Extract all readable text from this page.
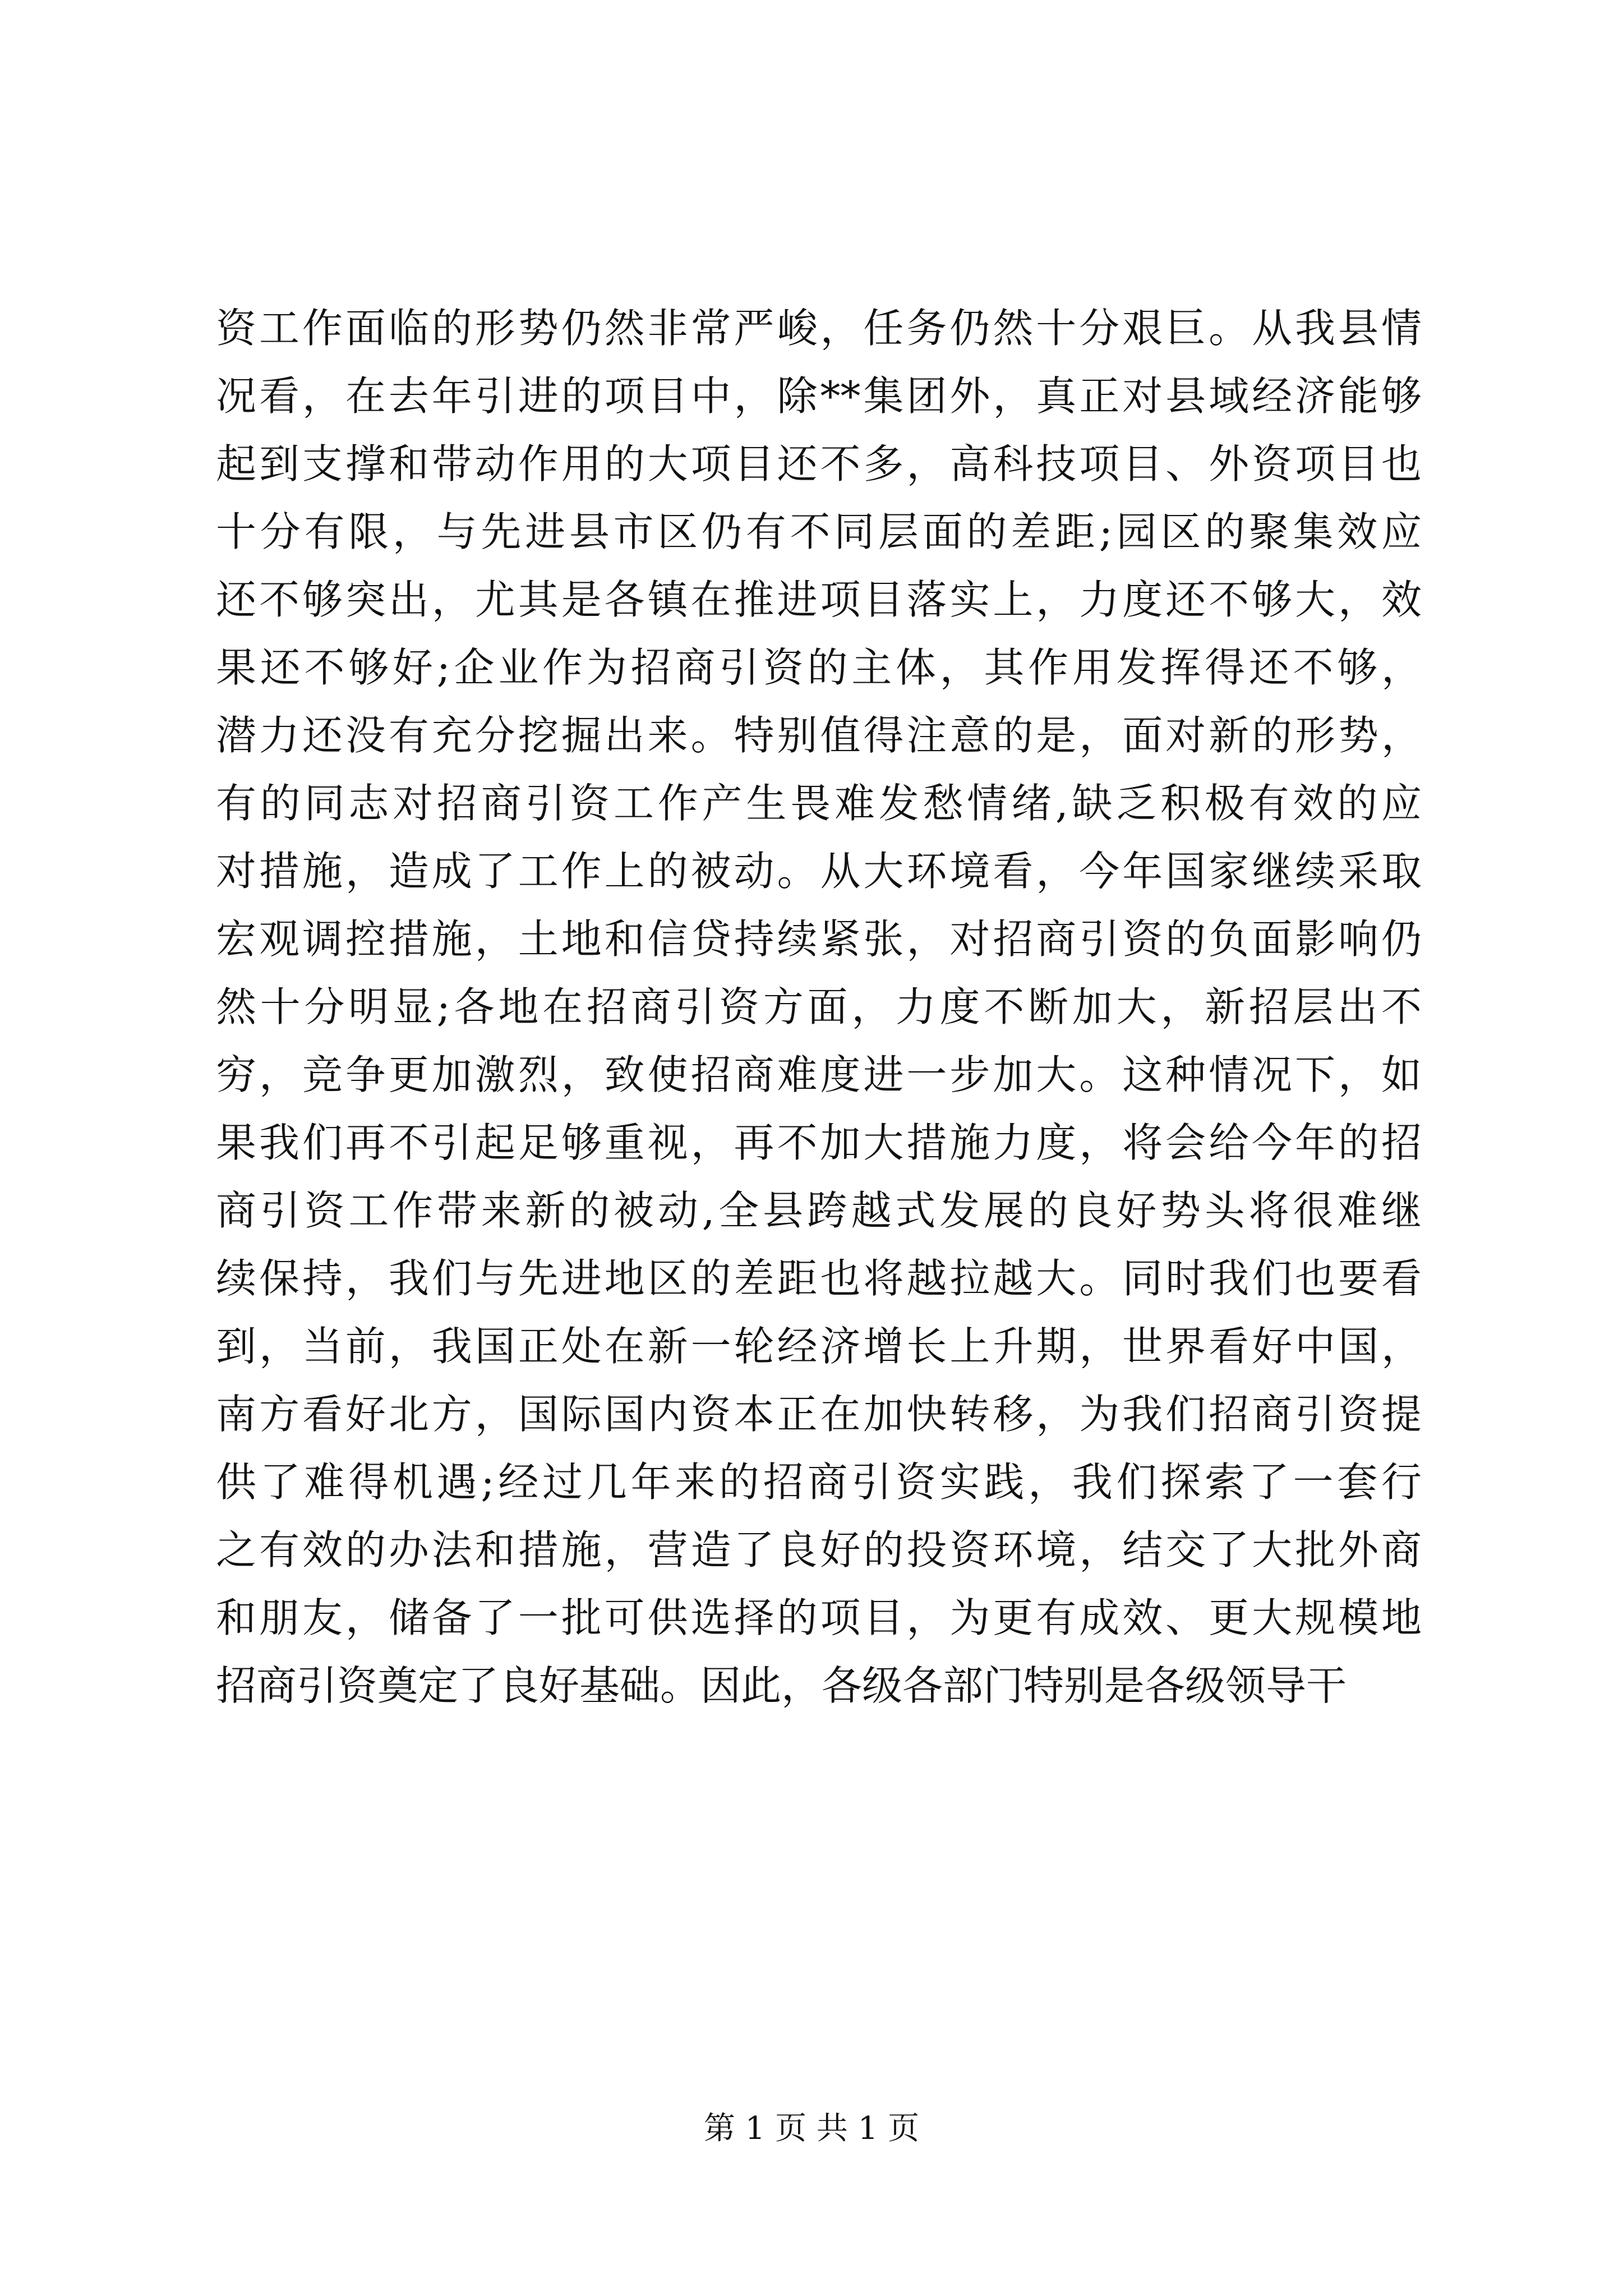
资工作面临的形势仍然非常严峻，任务仍然十分艰巨。从我县情
况看，在去年引进的项目中，除**集团外，真正对县域经济能够
起到支撑和带动作用的大项目还不多，高科技项目、外资项目也
十分有限，与先进县市区仍有不同层面的差距;园区的聚集效应
还不够突出，尤其是各镇在推进项目落实上，力度还不够大，效
果还不够好;企业作为招商引资的主体，其作用发挥得还不够，
潜力还没有充分挖掘出来。特别值得注意的是，面对新的形势，
有的同志对招商引资工作产生畏难发愁情绪,缺乏积极有效的应
对措施，造成了工作上的被动。从大环境看，今年国家继续采取
宏观调控措施，土地和信贷持续紧张，对招商引资的负面影响仍
然十分明显;各地在招商引资方面，力度不断加大，新招层出不
穷，竞争更加激烈，致使招商难度进一步加大。这种情况下，如
果我们再不引起足够重视，再不加大措施力度，将会给今年的招
商引资工作带来新的被动,全县跨越式发展的良好势头将很难继
续保持，我们与先进地区的差距也将越拉越大。同时我们也要看
到，当前，我国正处在新一轮经济增长上升期，世界看好中国，
南方看好北方，国际国内资本正在加快转移，为我们招商引资提
供了难得机遇;经过几年来的招商引资实践，我们探索了一套行
之有效的办法和措施，营造了良好的投资环境，结交了大批外商
和朋友，储备了一批可供选择的项目，为更有成效、更大规模地
招商引资奠定了良好基础。因此，各级各部门特别是各级领导干
第 1 页 共 1 页
